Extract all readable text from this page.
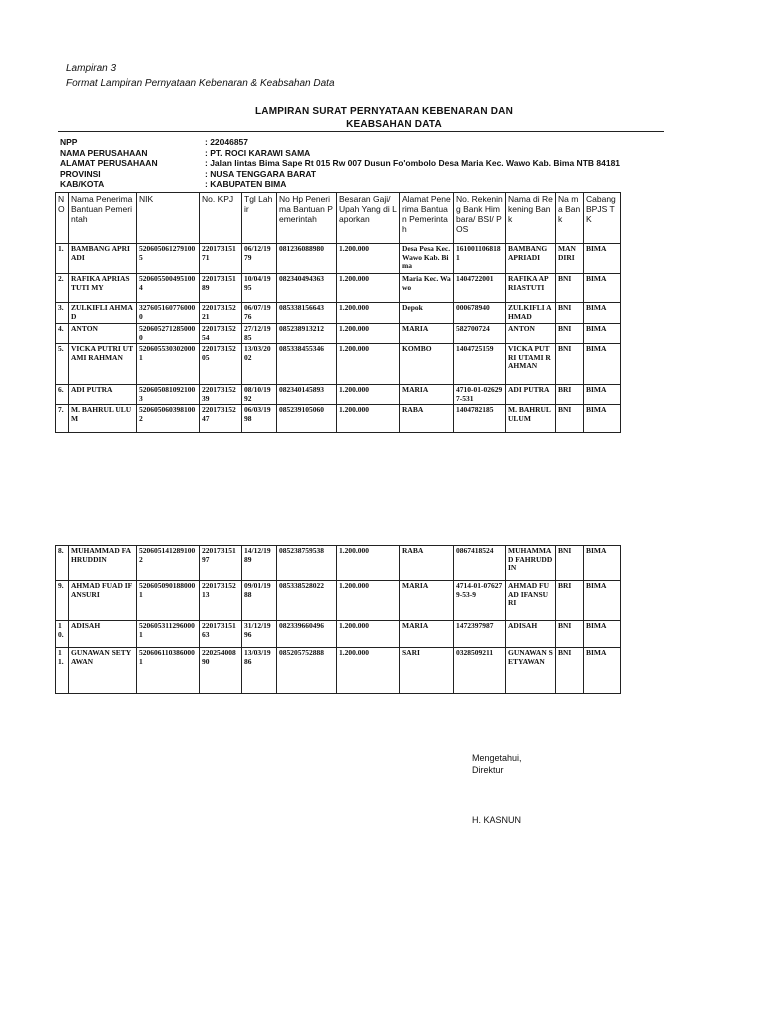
Lampiran 3
Format Lampiran Pernyataan Kebenaran & Keabsahan Data
LAMPIRAN SURAT PERNYATAAN KEBENARAN DAN
KEABSAHAN DATA
NPP	: 22046857
NAMA PERUSAHAAN	: PT. ROCI KARAWI SAMA
ALAMAT PERUSAHAAN	: Jalan lintas Bima Sape Rt 015 Rw 007 Dusun Fo'ombolo Desa Maria Kec. Wawo Kab. Bima NTB 84181
PROVINSI	: NUSA TENGGARA BARAT
KAB/KOTA	: KABUPATEN BIMA
N O	Nama Penerima Bantuan Pemerintah	NIK	No. KPJ	Tgl Lahir	No Hp Penerima Bantuan Pemerintah	Besaran Gaji/ Upah Yang di Laporkan	Alamat Penerima Bantuan Pemerintah	No. Rekening Bank Himbara/ BSI/ POS	Nama di Rekening Bank	Na ma Ban k	Cabang BPJS TK
1.	BAMBANG APRIADI	5206050612791005	22017315171	06/12/1979	081236088980	1.200.000	Desa Pesa Kec. Wawo Kab. Bima	1610011068181	BAMBANG APRIADI	MANDIRI	BIMA
2.	RAFIKA APRIASTUTI MY	5206055004951004	22017315189	10/04/1995	082340494363	1.200.000	Maria Kec. Wawo	1404722001	RAFIKA APRIASTUTI	BNI	BIMA
3.	ZULKIFLI AHMAD	3276051607760000	22017315221	06/07/1976	085338156643	1.200.000	Depok	000678940	ZULKIFLI AHMAD	BNI	BIMA
4.	ANTON	5206052712850000	22017315254	27/12/1985	085238913212	1.200.000	MARIA	582700724	ANTON	BNI	BIMA
5.	VICKA PUTRI UTAMI RAHMAN	5206055303020001	22017315205	13/03/2002	085338455346	1.200.000	KOMBO	1404725159	VICKA PUTRI UTAMI RAHMAN	BNI	BIMA
6.	ADI PUTRA	5206050810921003	22017315239	08/10/1992	082340145893	1.200.000	MARIA	4710-01-026297-531	ADI PUTRA	BRI	BIMA
7.	M. BAHRUL ULUM	5206050603981002	22017315247	06/03/1998	085239105060	1.200.000	RABA	1404782185	M. BAHRUL ULUM	BNI	BIMA
8.	MUHAMMAD FAHRUDDIN	5206051412891002	22017315197	14/12/1989	085238759538	1.200.000	RABA	0867418524	MUHAMMAD FAHRUDDIN	BNI	BIMA
9.	AHMAD FUAD IFANSURI	5206050901880001	22017315213	09/01/1988	085338528022	1.200.000	MARIA	4714-01-076279-53-9	AHMAD FUAD IFANSURI	BRI	BIMA
10.	ADISAH	5206053112960001	22017315163	31/12/1996	082339660496	1.200.000	MARIA	1472397987	ADISAH	BNI	BIMA
11.	GUNAWAN SETYAWAN	5206061103860001	22025400890	13/03/1986	085205752888	1.200.000	SARI	0328509211	GUNAWAN SETYAWAN	BNI	BIMA
Mengetahui,
Direktur
H. KASNUN
